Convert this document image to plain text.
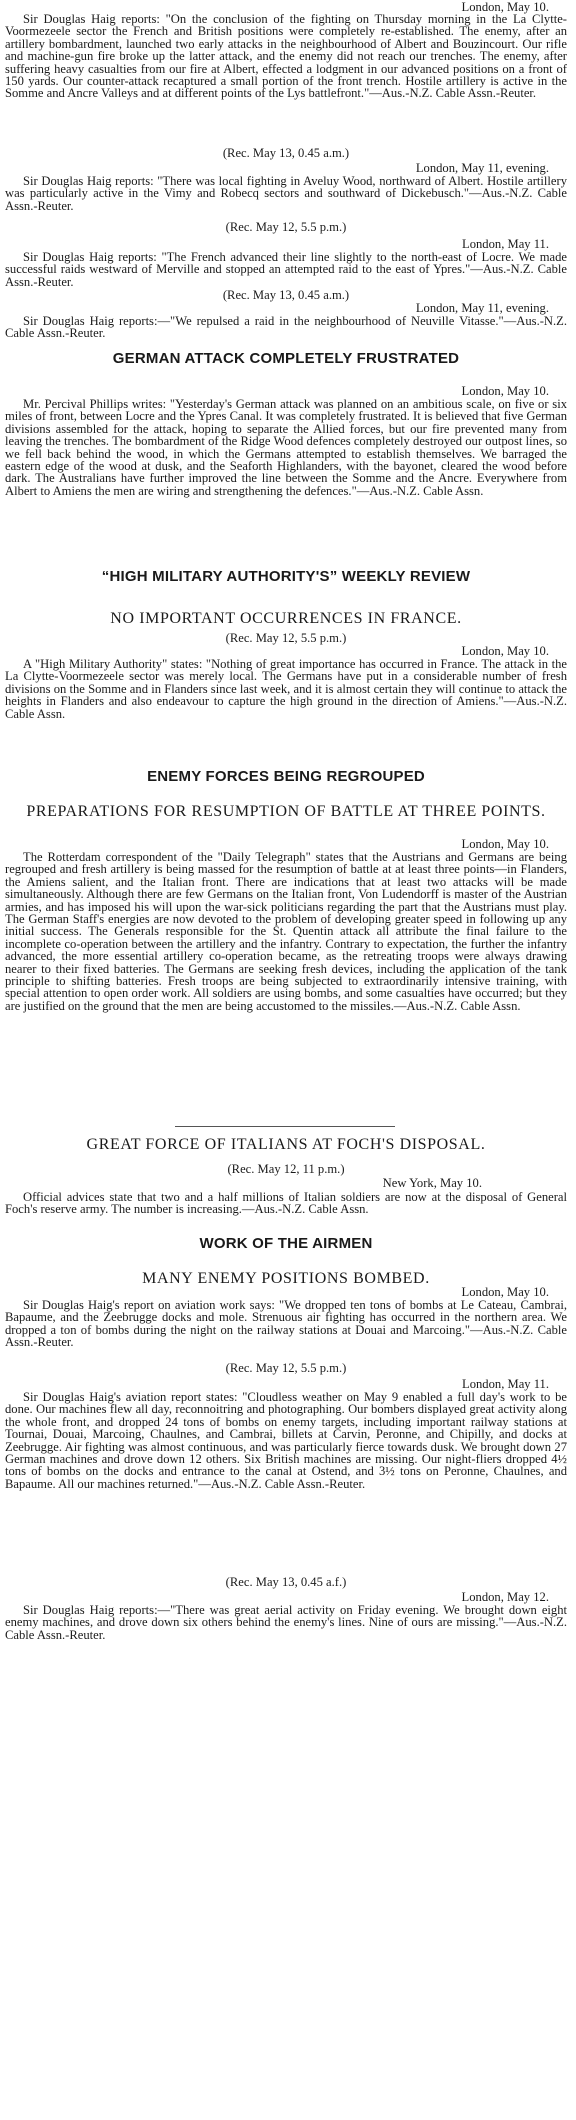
London, May 10.

Sir Douglas Haig reports: "On the conclusion of the fighting on Thursday morning in the La Clytte-Voormezeele sector the French and British positions were completely re-established. The enemy, after an artillery bombardment, launched two early attacks in the neighbourhood of Albert and Bouzincourt. Our rifle and machine-gun fire broke up the latter attack, and the enemy did not reach our trenches. The enemy, after suffering heavy casualties from our fire at Albert, effected a lodgment in our advanced positions on a front of 150 yards. Our counter-attack recaptured a small portion of the front trench. Hostile artillery is active in the Somme and Ancre Valleys and at different points of the Lys battlefront."—Aus.-N.Z. Cable Assn.-Reuter.

(Rec. May 13, 0.45 a.m.)
London, May 11, evening.

Sir Douglas Haig reports: "There was local fighting in Aveluy Wood, northward of Albert. Hostile artillery was particularly active in the Vimy and Robecq sectors and southward of Dickebusch."—Aus.-N.Z. Cable Assn.-Reuter.

(Rec. May 12, 5.5 p.m.)
London, May 11.

Sir Douglas Haig reports: "The French advanced their line slightly to the north-east of Locre. We made successful raids westward of Merville and stopped an attempted raid to the east of Ypres."—Aus.-N.Z. Cable Assn.-Reuter.

(Rec. May 13, 0.45 a.m.)
London, May 11, evening.

Sir Douglas Haig reports:—"We repulsed a raid in the neighbourhood of Neuville Vitasse."—Aus.-N.Z. Cable Assn.-Reuter.

GERMAN ATTACK COMPLETELY FRUSTRATED

London, May 10.

Mr. Percival Phillips writes: "Yesterday's German attack was planned on an ambitious scale, on five or six miles of front, between Locre and the Ypres Canal. It was completely frustrated. It is believed that five German divisions assembled for the attack, hoping to separate the Allied forces, but our fire prevented many from leaving the trenches. The bombardment of the Ridge Wood defences completely destroyed our outpost lines, so we fell back behind the wood, in which the Germans attempted to establish themselves. We barraged the eastern edge of the wood at dusk, and the Seaforth Highlanders, with the bayonet, cleared the wood before dark. The Australians have further improved the line between the Somme and the Ancre. Everywhere from Albert to Amiens the men are wiring and strengthening the defences."—Aus.-N.Z. Cable Assn.

“HIGH MILITARY AUTHORITY'S” WEEKLY REVIEW

NO IMPORTANT OCCURRENCES IN FRANCE.

(Rec. May 12, 5.5 p.m.)
London, May 10.

A "High Military Authority" states: "Nothing of great importance has occurred in France. The attack in the La Clytte-Voormezeele sector was merely local. The Germans have put in a considerable number of fresh divisions on the Somme and in Flanders since last week, and it is almost certain they will continue to attack the heights in Flanders and also endeavour to capture the high ground in the direction of Amiens."—Aus.-N.Z. Cable Assn.

ENEMY FORCES BEING REGROUPED

PREPARATIONS FOR RESUMPTION OF BATTLE AT THREE POINTS.

London, May 10.

The Rotterdam correspondent of the "Daily Telegraph" states that the Austrians and Germans are being regrouped and fresh artillery is being massed for the resumption of battle at at least three points—in Flanders, the Amiens salient, and the Italian front. There are indications that at least two attacks will be made simultaneously. Although there are few Germans on the Italian front, Von Ludendorff is master of the Austrian armies, and has imposed his will upon the war-sick politicians regarding the part that the Austrians must play. The German Staff's energies are now devoted to the problem of developing greater speed in following up any initial success. The Generals responsible for the St. Quentin attack all attribute the final failure to the incomplete co-operation between the artillery and the infantry. Contrary to expectation, the further the infantry advanced, the more essential artillery co-operation became, as the retreating troops were always drawing nearer to their fixed batteries. The Germans are seeking fresh devices, including the application of the tank principle to shifting batteries. Fresh troops are being subjected to extraordinarily intensive training, with special attention to open order work. All soldiers are using bombs, and some casualties have occurred; but they are justified on the ground that the men are being accustomed to the missiles.—Aus.-N.Z. Cable Assn.

GREAT FORCE OF ITALIANS AT FOCH'S DISPOSAL.

(Rec. May 12, 11 p.m.)
New York, May 10.

Official advices state that two and a half millions of Italian soldiers are now at the disposal of General Foch's reserve army. The number is increasing.—Aus.-N.Z. Cable Assn.

WORK OF THE AIRMEN

MANY ENEMY POSITIONS BOMBED.

London, May 10.

Sir Douglas Haig's report on aviation work says: "We dropped ten tons of bombs at Le Cateau, Cambrai, Bapaume, and the Zeebrugge docks and mole. Strenuous air fighting has occurred in the northern area. We dropped a ton of bombs during the night on the railway stations at Douai and Marcoing."—Aus.-N.Z. Cable Assn.-Reuter.

(Rec. May 12, 5.5 p.m.)
London, May 11.

Sir Douglas Haig's aviation report states: "Cloudless weather on May 9 enabled a full day's work to be done. Our machines flew all day, reconnoitring and photographing. Our bombers displayed great activity along the whole front, and dropped 24 tons of bombs on enemy targets, including important railway stations at Tournai, Douai, Marcoing, Chaulnes, and Cambrai, billets at Carvin, Peronne, and Chipilly, and docks at Zeebrugge. Air fighting was almost continuous, and was particularly fierce towards dusk. We brought down 27 German machines and drove down 12 others. Six British machines are missing. Our night-fliers dropped 4½ tons of bombs on the docks and entrance to the canal at Ostend, and 3½ tons on Peronne, Chaulnes, and Bapaume. All our machines returned."—Aus.-N.Z. Cable Assn.-Reuter.

(Rec. May 13, 0.45 a.f.)
London, May 12.

Sir Douglas Haig reports:—"There was great aerial activity on Friday evening. We brought down eight enemy machines, and drove down six others behind the enemy's lines. Nine of ours are missing."—Aus.-N.Z. Cable Assn.-Reuter.
